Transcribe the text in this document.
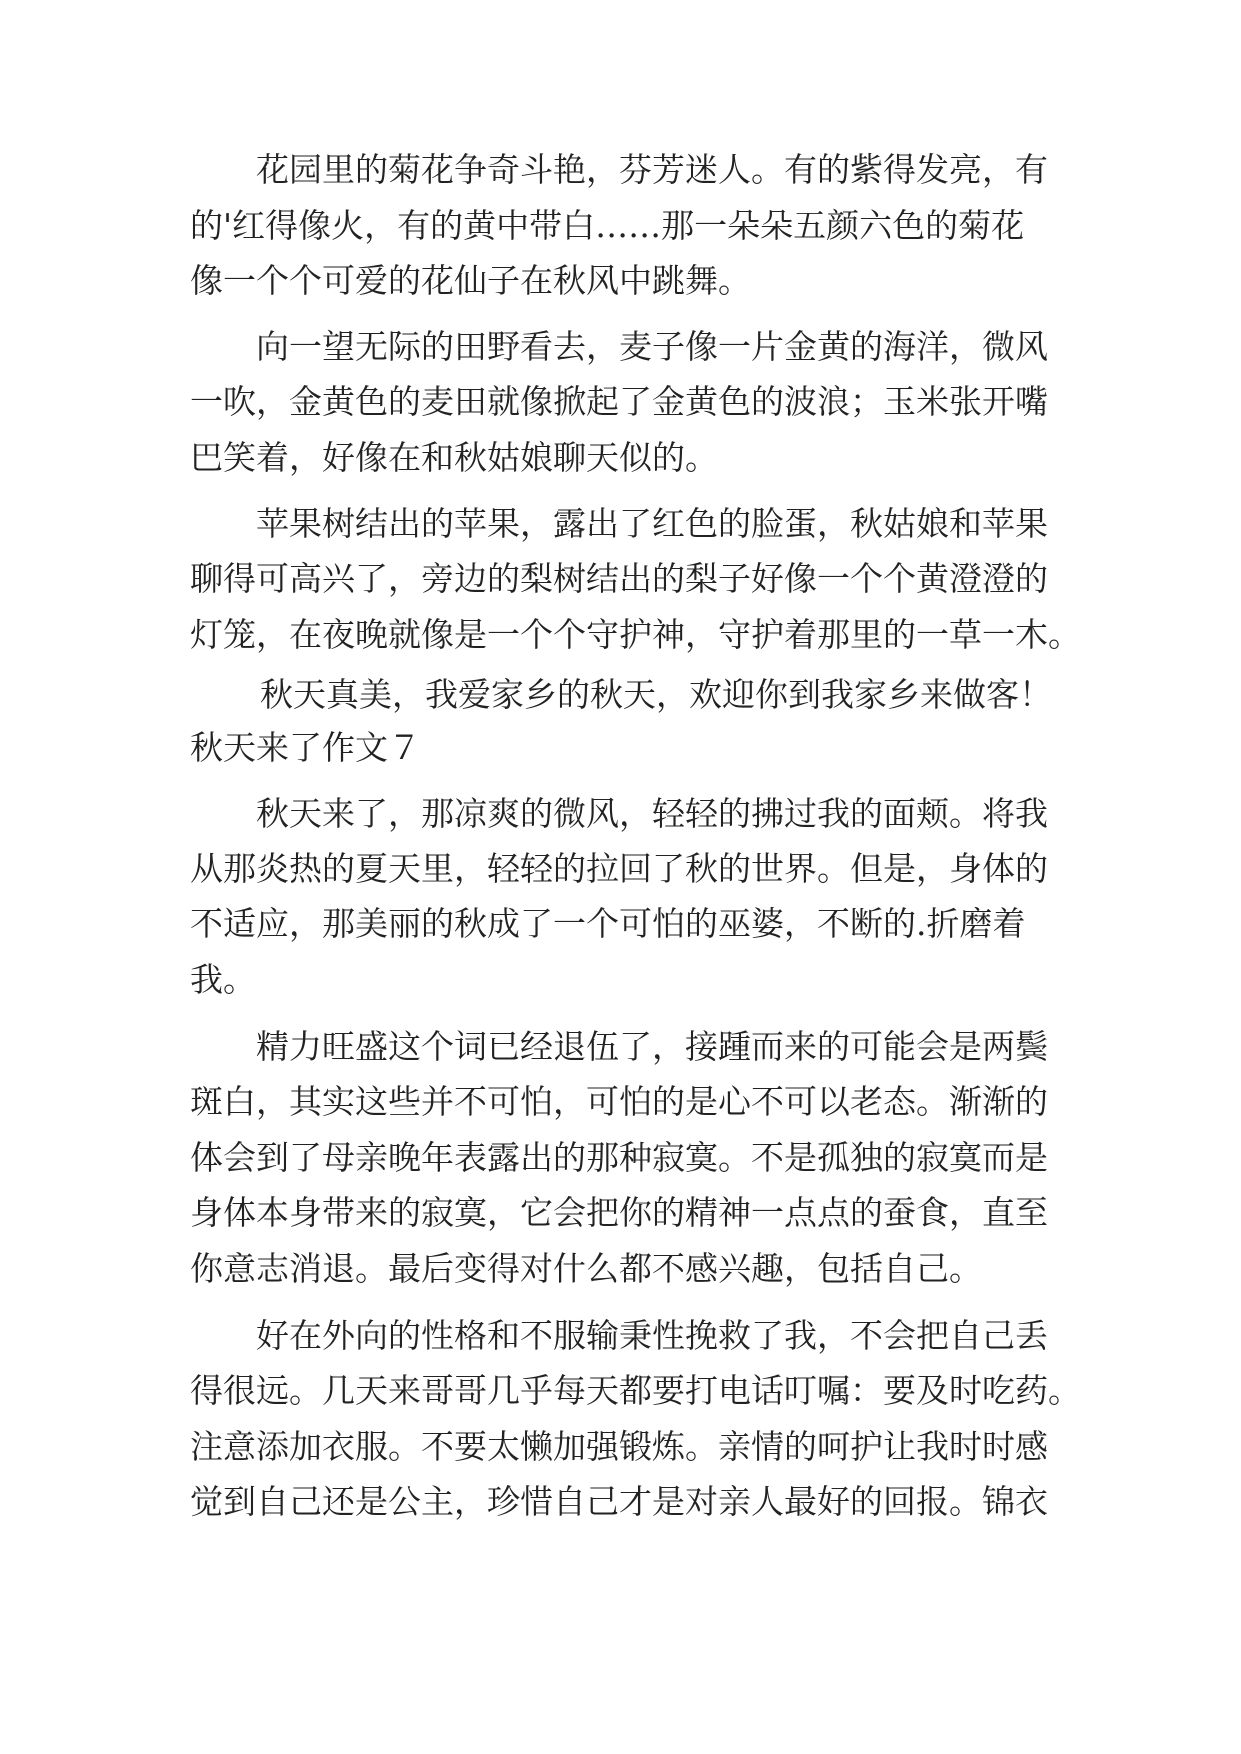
花园里的菊花争奇斗艳，芬芳迷人。有的紫得发亮，有
的'红得像火，有的黄中带白……那一朵朵五颜六色的菊花
像一个个可爱的花仙子在秋风中跳舞。
向一望无际的田野看去，麦子像一片金黄的海洋，微风
一吹，金黄色的麦田就像掀起了金黄色的波浪；玉米张开嘴
巴笑着，好像在和秋姑娘聊天似的。
苹果树结出的苹果，露出了红色的脸蛋，秋姑娘和苹果
聊得可高兴了，旁边的梨树结出的梨子好像一个个黄澄澄的
灯笼，在夜晚就像是一个个守护神，守护着那里的一草一木。
秋天真美，我爱家乡的秋天，欢迎你到我家乡来做客！
秋天来了作文７
秋天来了，那凉爽的微风，轻轻的拂过我的面颊。将我
从那炎热的夏天里，轻轻的拉回了秋的世界。但是，身体的
不适应，那美丽的秋成了一个可怕的巫婆，不断的.折磨着
我。
精力旺盛这个词已经退伍了，接踵而来的可能会是两鬓
斑白，其实这些并不可怕，可怕的是心不可以老态。渐渐的
体会到了母亲晚年表露出的那种寂寞。不是孤独的寂寞而是
身体本身带来的寂寞，它会把你的精神一点点的蚕食，直至
你意志消退。最后变得对什么都不感兴趣，包括自己。
好在外向的性格和不服输秉性挽救了我，不会把自己丢
得很远。几天来哥哥几乎每天都要打电话叮嘱：要及时吃药。
注意添加衣服。不要太懒加强锻炼。亲情的呵护让我时时感
觉到自己还是公主，珍惜自己才是对亲人最好的回报。锦衣
